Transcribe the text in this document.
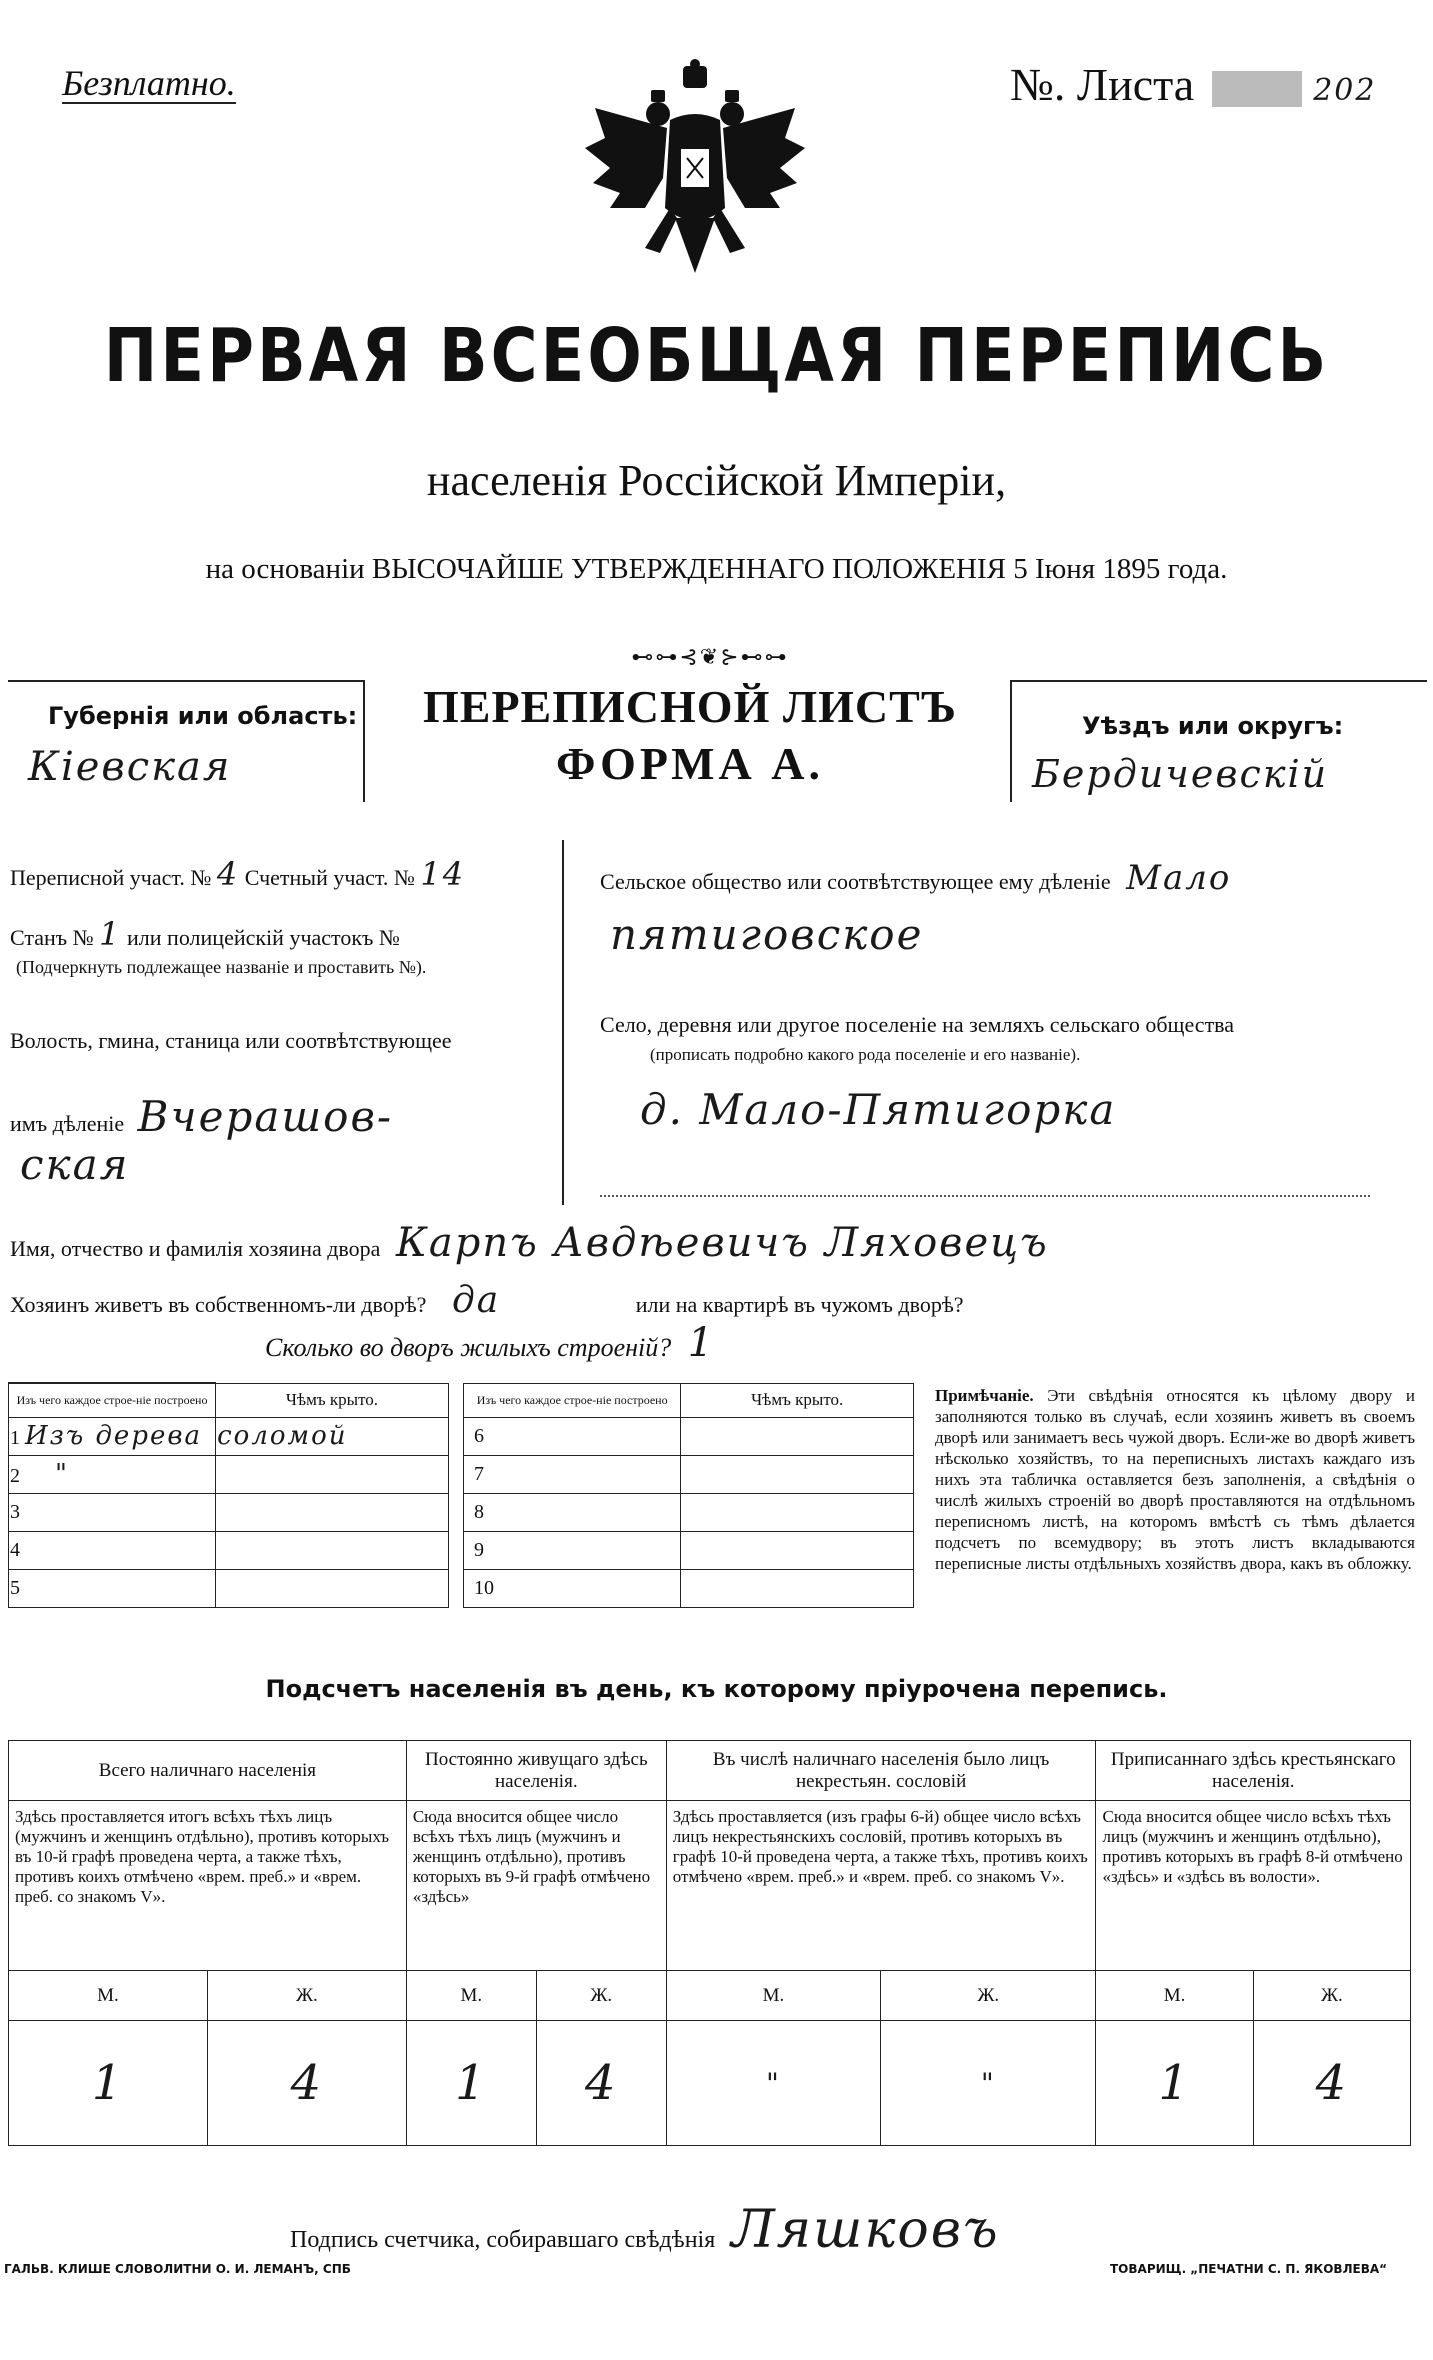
Безплатно.	№. Листа	202
ПЕРВАЯ ВСЕОБЩАЯ ПЕРЕПИСЬ
населенія Россійской Имперіи,
на основаніи ВЫСОЧАЙШЕ УТВЕРЖДЕННАГО ПОЛОЖЕНІЯ 5 Іюня 1895 года.
⊷⊶⊰❦⊱⊷⊶
Губернія или область:
Кіевская
ПЕРЕПИСНОЙ ЛИСТЪ
ФОРМА А.
Уѣздъ или округъ:
Бердичевскій
Переписной участ. № 4 Счетный участ. № 14
Станъ № 1 или полицейскій участокъ №
(Подчеркнуть подлежащее названіе и проставить №).
Волость, гмина, станица или соотвѣтствующее
имъ дѣленіе Вчерашов-
ская
Сельское общество или соотвѣтствующее ему дѣленіе Мало
пятиговское
Село, деревня или другое поселеніе на земляхъ сельскаго общества
(прописать подробно какого рода поселеніе и его названіе).
д. Мало-Пятигорка
Имя, отчество и фамилія хозяина двора Карпъ Авдѣевичъ Ляховецъ
Хозяинъ живетъ въ собственномъ-ли дворѣ? да	или на квартирѣ въ чужомъ дворѣ?
Сколько во дворъ жилыхъ строеній? 1
Изъ чего каждое строе-ніе построено	Чѣмъ крыто.		Изъ чего каждое строе-ніе построено	Чѣмъ крыто.
1 Изъ дерева	соломой		6	
2 "			7	
3			8	
4			9	
5			10	
Примѣчаніе. Эти свѣдѣнія относятся къ цѣлому двору и заполняются только въ случаѣ, если хозяинъ живетъ въ своемъ дворѣ или занимаетъ весь чужой дворъ. Если-же во дворѣ живетъ нѣсколько хозяйствъ, то на переписныхъ листахъ каждаго изъ нихъ эта табличка оставляется безъ заполненія, а свѣдѣнія о числѣ жилыхъ строеній во дворѣ проставляются на отдѣльномъ переписномъ листѣ, на которомъ вмѣстѣ съ тѣмъ дѣлается подсчетъ по всемудвору; въ этотъ листъ вкладываются переписные листы отдѣльныхъ хозяйствъ двора, какъ въ обложку.
Подсчетъ населенія въ день, къ которому пріурочена перепись.
Всего наличнаго населенія		Постоянно живущаго здѣсь населенія.		Въ числѣ наличнаго населенія было лицъ некрестьян. сословій		Приписаннаго здѣсь крестьянскаго населенія.	
Здѣсь проставляется итогъ всѣхъ тѣхъ лицъ (мужчинъ и женщинъ отдѣльно), противъ которыхъ въ 10-й графѣ проведена черта, а также тѣхъ, противъ коихъ отмѣчено «врем. преб.» и «врем. преб. со знакомъ V».		Сюда вносится общее число всѣхъ тѣхъ лицъ (мужчинъ и женщинъ отдѣльно), противъ которыхъ въ 9-й графѣ отмѣчено «здѣсь»		Здѣсь проставляется (изъ графы 6-й) общее число всѣхъ лицъ некрестьянскихъ сословій, противъ которыхъ въ графѣ 10-й проведена черта, а также тѣхъ, противъ коихъ отмѣчено «врем. преб.» и «врем. преб. со знакомъ V».		Сюда вносится общее число всѣхъ тѣхъ лицъ (мужчинъ и женщинъ отдѣльно), противъ которыхъ въ графѣ 8-й отмѣчено «здѣсь» и «здѣсь въ волости».	
М.	Ж.	М.	Ж.	М.	Ж.	М.	Ж.
1	4	1	4	"	"	1	4
Подпись счетчика, собиравшаго свѣдѣнія Ляшковъ
ГАЛЬВ. КЛИШЕ СЛОВОЛИТНИ О. И. ЛЕМАНЪ, СПБ	ТОВАРИЩ. „ПЕЧАТНИ С. П. ЯКОВЛЕВА“
